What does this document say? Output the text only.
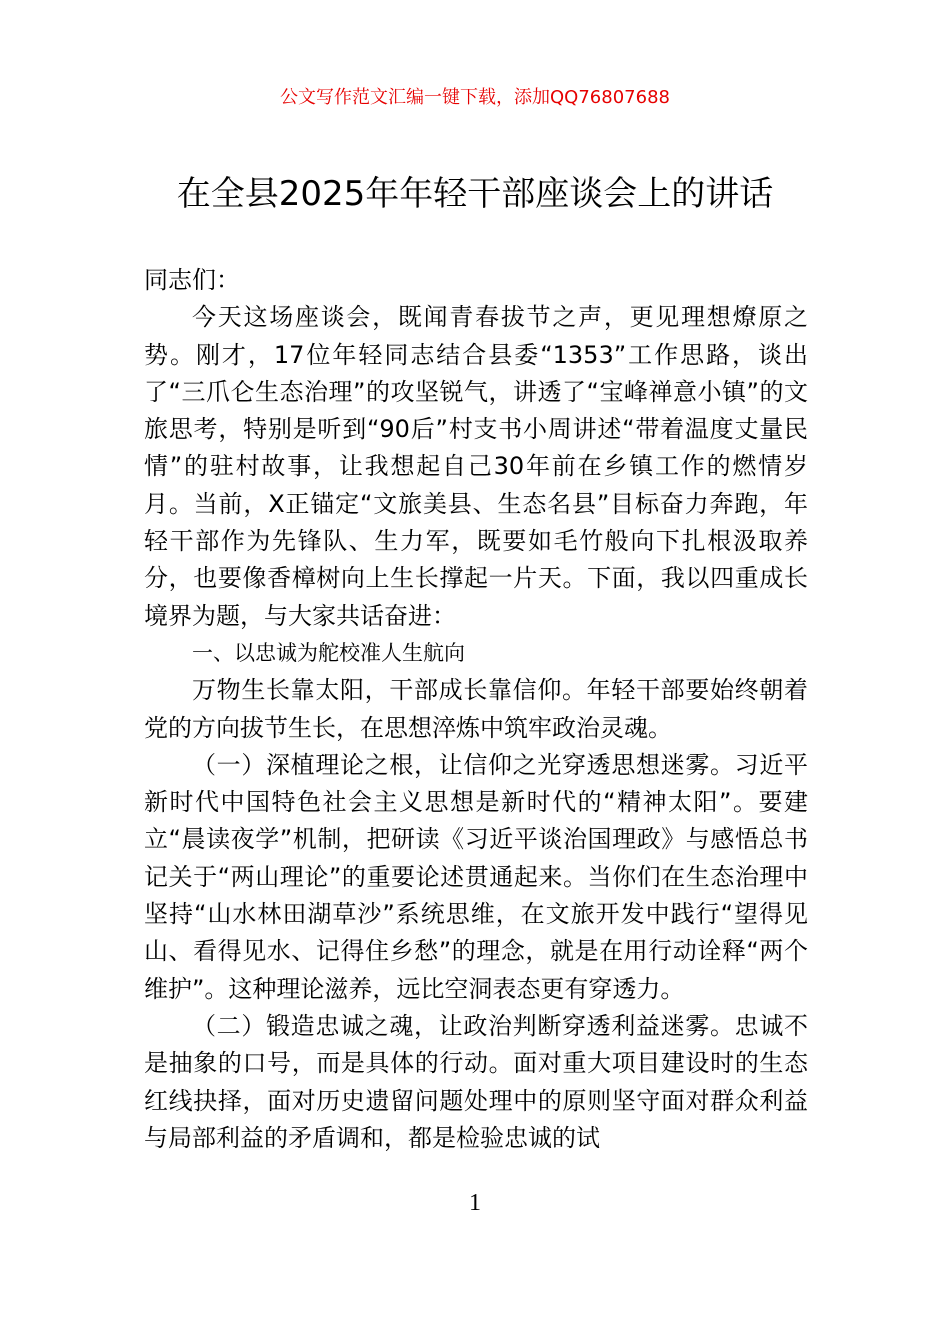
公文写作范文汇编一键下载，添加QQ76807688
在全县2025年年轻干部座谈会上的讲话

同志们：

今天这场座谈会，既闻青春拔节之声，更见理想燎原之势。刚才，17位年轻同志结合县委“1353”工作思路，谈出了“三爪仑生态治理”的攻坚锐气，讲透了“宝峰禅意小镇”的文旅思考，特别是听到“90后”村支书小周讲述“带着温度丈量民情”的驻村故事，让我想起自己30年前在乡镇工作的燃情岁月。当前，X正锚定“文旅美县、生态名县”目标奋力奔跑，年轻干部作为先锋队、生力军，既要如毛竹般向下扎根汲取养分，也要像香樟树向上生长撑起一片天。下面，我以四重成长境界为题，与大家共话奋进：

一、以忠诚为舵校准人生航向

万物生长靠太阳，干部成长靠信仰。年轻干部要始终朝着党的方向拔节生长，在思想淬炼中筑牢政治灵魂。

（一）深植理论之根，让信仰之光穿透思想迷雾。习近平新时代中国特色社会主义思想是新时代的“精神太阳”。要建立“晨读夜学”机制，把研读《习近平谈治国理政》与感悟总书记关于“两山理论”的重要论述贯通起来。当你们在生态治理中坚持“山水林田湖草沙”系统思维，在文旅开发中践行“望得见山、看得见水、记得住乡愁”的理念，就是在用行动诠释“两个维护”。这种理论滋养，远比空洞表态更有穿透力。

（二）锻造忠诚之魂，让政治判断穿透利益迷雾。忠诚不是抽象的口号，而是具体的行动。面对重大项目建设时的生态红线抉择，面对历史遗留问题处理中的原则坚守面对群众利益与局部利益的矛盾调和，都是检验忠诚的试

1
